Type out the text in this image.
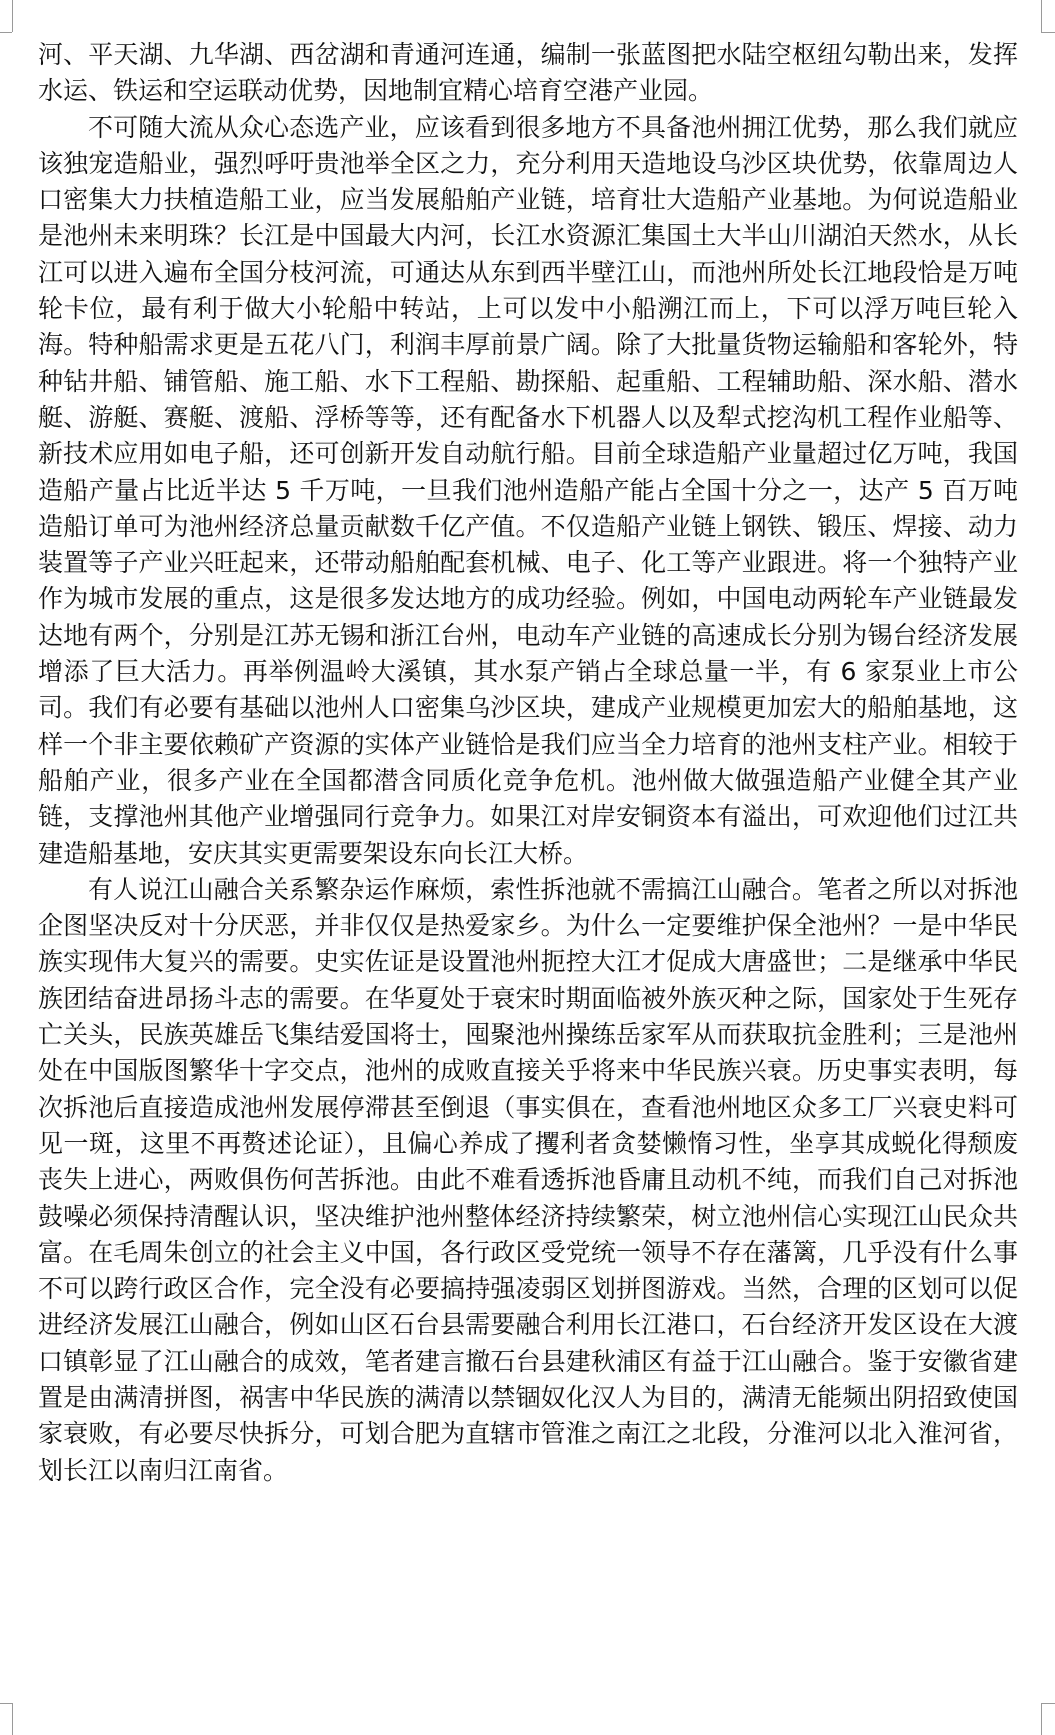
河、平天湖、九华湖、西岔湖和青通河连通，编制一张蓝图把水陆空枢纽勾勒出来，发挥水运、铁运和空运联动优势，因地制宜精心培育空港产业园。

不可随大流从众心态选产业，应该看到很多地方不具备池州拥江优势，那么我们就应该独宠造船业，强烈呼吁贵池举全区之力，充分利用天造地设乌沙区块优势，依靠周边人口密集大力扶植造船工业，应当发展船舶产业链，培育壮大造船产业基地。为何说造船业是池州未来明珠？长江是中国最大内河，长江水资源汇集国土大半山川湖泊天然水，从长江可以进入遍布全国分枝河流，可通达从东到西半壁江山，而池州所处长江地段恰是万吨轮卡位，最有利于做大小轮船中转站，上可以发中小船溯江而上，下可以浮万吨巨轮入海。特种船需求更是五花八门，利润丰厚前景广阔。除了大批量货物运输船和客轮外，特种钻井船、铺管船、施工船、水下工程船、勘探船、起重船、工程辅助船、深水船、潜水艇、游艇、赛艇、渡船、浮桥等等，还有配备水下机器人以及犁式挖沟机工程作业船等、新技术应用如电子船，还可创新开发自动航行船。目前全球造船产业量超过亿万吨，我国造船产量占比近半达 5 千万吨，一旦我们池州造船产能占全国十分之一，达产 5 百万吨造船订单可为池州经济总量贡献数千亿产值。不仅造船产业链上钢铁、锻压、焊接、动力装置等子产业兴旺起来，还带动船舶配套机械、电子、化工等产业跟进。将一个独特产业作为城市发展的重点，这是很多发达地方的成功经验。例如，中国电动两轮车产业链最发达地有两个，分别是江苏无锡和浙江台州，电动车产业链的高速成长分别为锡台经济发展增添了巨大活力。再举例温岭大溪镇，其水泵产销占全球总量一半，有 6 家泵业上市公司。我们有必要有基础以池州人口密集乌沙区块，建成产业规模更加宏大的船舶基地，这样一个非主要依赖矿产资源的实体产业链恰是我们应当全力培育的池州支柱产业。相较于船舶产业，很多产业在全国都潜含同质化竞争危机。池州做大做强造船产业健全其产业链，支撑池州其他产业增强同行竞争力。如果江对岸安铜资本有溢出，可欢迎他们过江共建造船基地，安庆其实更需要架设东向长江大桥。

有人说江山融合关系繁杂运作麻烦，索性拆池就不需搞江山融合。笔者之所以对拆池企图坚决反对十分厌恶，并非仅仅是热爱家乡。为什么一定要维护保全池州？一是中华民族实现伟大复兴的需要。史实佐证是设置池州扼控大江才促成大唐盛世；二是继承中华民族团结奋进昂扬斗志的需要。在华夏处于衰宋时期面临被外族灭种之际，国家处于生死存亡关头，民族英雄岳飞集结爱国将士，囤聚池州操练岳家军从而获取抗金胜利；三是池州处在中国版图繁华十字交点，池州的成败直接关乎将来中华民族兴衰。历史事实表明，每次拆池后直接造成池州发展停滞甚至倒退（事实俱在，查看池州地区众多工厂兴衰史料可见一斑，这里不再赘述论证），且偏心养成了攫利者贪婪懒惰习性，坐享其成蜕化得颓废丧失上进心，两败俱伤何苦拆池。由此不难看透拆池昏庸且动机不纯，而我们自己对拆池鼓噪必须保持清醒认识，坚决维护池州整体经济持续繁荣，树立池州信心实现江山民众共富。在毛周朱创立的社会主义中国，各行政区受党统一领导不存在藩篱，几乎没有什么事不可以跨行政区合作，完全没有必要搞持强凌弱区划拼图游戏。当然，合理的区划可以促进经济发展江山融合，例如山区石台县需要融合利用长江港口，石台经济开发区设在大渡口镇彰显了江山融合的成效，笔者建言撤石台县建秋浦区有益于江山融合。鉴于安徽省建置是由满清拼图，祸害中华民族的满清以禁锢奴化汉人为目的，满清无能频出阴招致使国家衰败，有必要尽快拆分，可划合肥为直辖市管淮之南江之北段，分淮河以北入淮河省，划长江以南归江南省。
